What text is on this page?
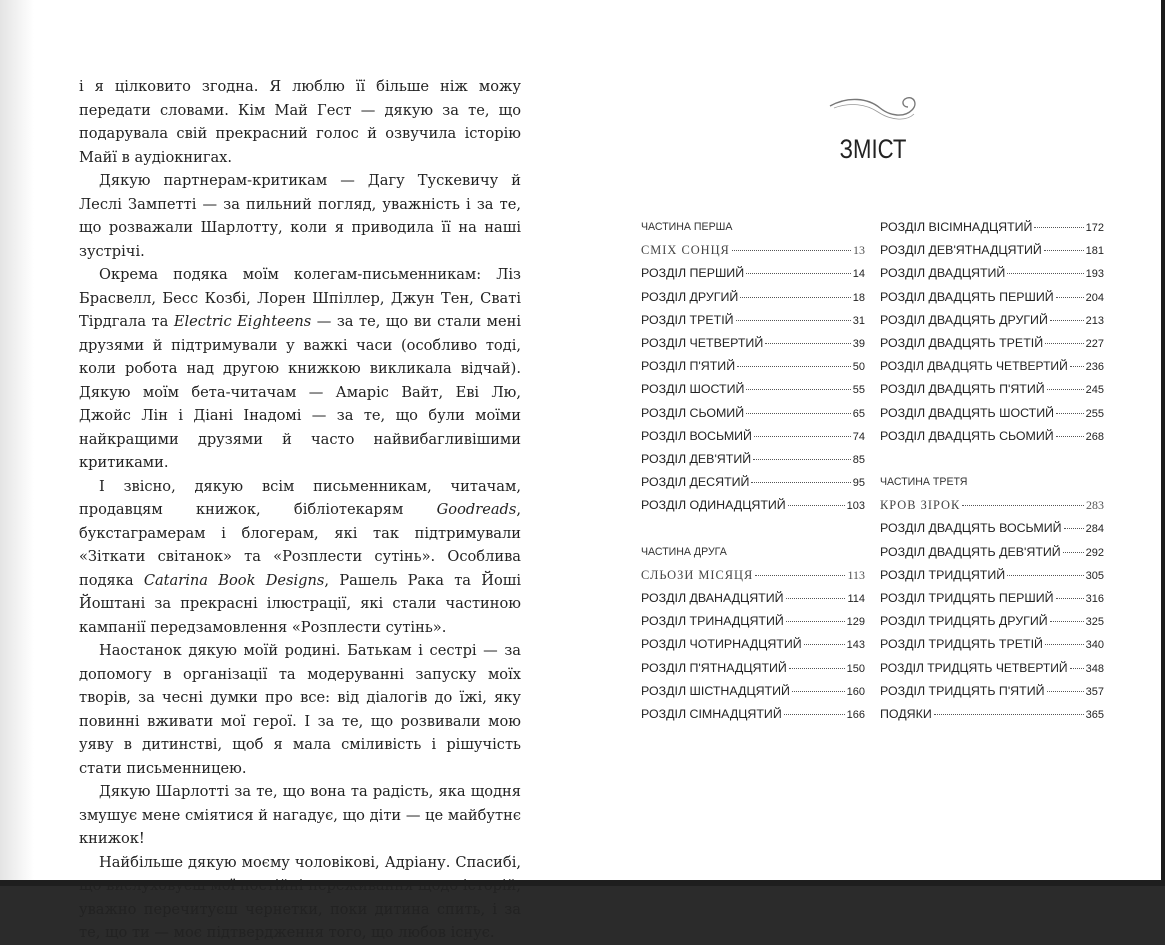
і я цілковито згодна. Я люблю її більше ніж можу передати словами. Кім Май Гест — дякую за те, що подарувала свій прекрасний голос й озвучила історію Майї в аудіокнигах.

Дякую партнерам-критикам — Дагу Тускевичу й Леслі Зампетті — за пильний погляд, уважність і за те, що розважали Шарлотту, коли я приводила її на наші зустрічі.

Окрема подяка моїм колегам-письменникам: Ліз Брасвелл, Бесс Козбі, Лорен Шпіллер, Джун Тен, Сваті Тірдгала та Electric Eighteens — за те, що ви стали мені друзями й підтримували у важкі часи (особливо тоді, коли робота над другою книжкою викликала відчай). Дякую моїм бета-читачам — Амаріс Вайт, Еві Лю, Джойс Лін і Діані Інадомі — за те, що були моїми найкращими друзями й часто найвибагливішими критиками.

І звісно, дякую всім письменникам, читачам, продавцям книжок, бібліотекарям Goodreads, букстаграмерам і блогерам, які так підтримували «Зіткати світанок» та «Розплести сутінь». Особлива подяка Catarina Book Designs, Рашель Рака та Йоші Йоштані за прекрасні ілюстрації, які стали частиною кампанії передзамовлення «Розплести сутінь».

Наостанок дякую моїй родині. Батькам і сестрі — за допомогу в організації та модеруванні запуску моїх творів, за чесні думки про все: від діалогів до їжі, яку повинні вживати мої герої. І за те, що розвивали мою уяву в дитинстві, щоб я мала сміливість і рішучість стати письменницею.

Дякую Шарлотті за те, що вона та радість, яка щодня змушує мене сміятися й нагадує, що діти — це майбутнє книжок!

Найбільше дякую моєму чоловікові, Адріану. Спасибі, уважно перечитуєш чернетки, поки дитина спить, і за те, що ти — моє підтвердження того, що любов існує.

ЗМІСТ
ЧАСТИНА ПЕРША
СМІХ СОНЦЯ	13
РОЗДІЛ ПЕРШИЙ	14
РОЗДІЛ ДРУГИЙ	18
РОЗДІЛ ТРЕТІЙ	31
РОЗДІЛ ЧЕТВЕРТИЙ	39
РОЗДІЛ П'ЯТИЙ	50
РОЗДІЛ ШОСТИЙ	55
РОЗДІЛ СЬОМИЙ	65
РОЗДІЛ ВОСЬМИЙ	74
РОЗДІЛ ДЕВ'ЯТИЙ	85
РОЗДІЛ ДЕСЯТИЙ	95
РОЗДІЛ ОДИНАДЦЯТИЙ	103
ЧАСТИНА ДРУГА
СЛЬОЗИ МІСЯЦЯ	113
РОЗДІЛ ДВАНАДЦЯТИЙ	114
РОЗДІЛ ТРИНАДЦЯТИЙ	129
РОЗДІЛ ЧОТИРНАДЦЯТИЙ	143
РОЗДІЛ П'ЯТНАДЦЯТИЙ	150
РОЗДІЛ ШІСТНАДЦЯТИЙ	160
РОЗДІЛ СІМНАДЦЯТИЙ	166
РОЗДІЛ ВІСІМНАДЦЯТИЙ	172
РОЗДІЛ ДЕВ'ЯТНАДЦЯТИЙ	181
РОЗДІЛ ДВАДЦЯТИЙ	193
РОЗДІЛ ДВАДЦЯТЬ ПЕРШИЙ	204
РОЗДІЛ ДВАДЦЯТЬ ДРУГИЙ	213
РОЗДІЛ ДВАДЦЯТЬ ТРЕТІЙ	227
РОЗДІЛ ДВАДЦЯТЬ ЧЕТВЕРТИЙ 236
РОЗДІЛ ДВАДЦЯТЬ П'ЯТИЙ	245
РОЗДІЛ ДВАДЦЯТЬ ШОСТИЙ	255
РОЗДІЛ ДВАДЦЯТЬ СЬОМИЙ	268
ЧАСТИНА ТРЕТЯ
КРОВ ЗІРОК	283
РОЗДІЛ ДВАДЦЯТЬ ВОСЬМИЙ 284
РОЗДІЛ ДВАДЦЯТЬ ДЕВ'ЯТИЙ 292
РОЗДІЛ ТРИДЦЯТИЙ	305
РОЗДІЛ ТРИДЦЯТЬ ПЕРШИЙ	316
РОЗДІЛ ТРИДЦЯТЬ ДРУГИЙ	325
РОЗДІЛ ТРИДЦЯТЬ ТРЕТІЙ	340
РОЗДІЛ ТРИДЦЯТЬ ЧЕТВЕРТИЙ 348
РОЗДІЛ ТРИДЦЯТЬ П'ЯТИЙ	357
ПОДЯКИ	365
